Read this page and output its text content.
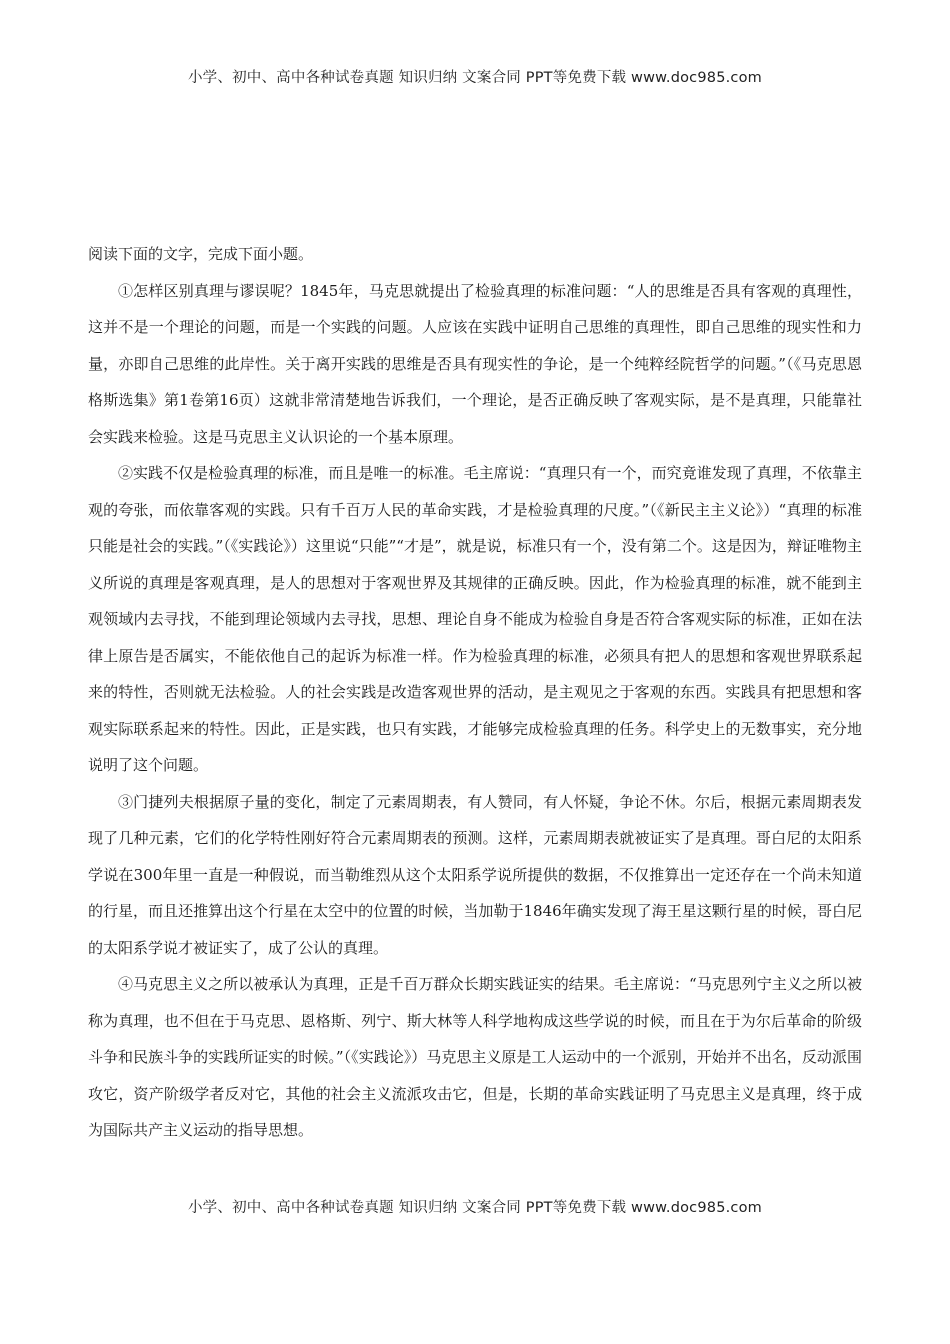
小学、初中、高中各种试卷真题 知识归纳 文案合同 PPT等免费下载 www.doc985.com

阅读下面的文字，完成下面小题。

①怎样区别真理与谬误呢？1845年，马克思就提出了检验真理的标准问题：“人的思维是否具有客观的真理性，这并不是一个理论的问题，而是一个实践的问题。人应该在实践中证明自己思维的真理性，即自己思维的现实性和力量，亦即自己思维的此岸性。关于离开实践的思维是否具有现实性的争论，是一个纯粹经院哲学的问题。”（《马克思恩格斯选集》第1卷第16页）这就非常清楚地告诉我们，一个理论，是否正确反映了客观实际，是不是真理，只能靠社会实践来检验。这是马克思主义认识论的一个基本原理。

②实践不仅是检验真理的标准，而且是唯一的标准。毛主席说：“真理只有一个，而究竟谁发现了真理，不依靠主观的夸张，而依靠客观的实践。只有千百万人民的革命实践，才是检验真理的尺度。”（《新民主主义论》）“真理的标准只能是社会的实践。”（《实践论》）这里说“只能”“才是”，就是说，标准只有一个，没有第二个。这是因为，辩证唯物主义所说的真理是客观真理，是人的思想对于客观世界及其规律的正确反映。因此，作为检验真理的标准，就不能到主观领域内去寻找，不能到理论领域内去寻找，思想、理论自身不能成为检验自身是否符合客观实际的标准，正如在法律上原告是否属实，不能依他自己的起诉为标准一样。作为检验真理的标准，必须具有把人的思想和客观世界联系起来的特性，否则就无法检验。人的社会实践是改造客观世界的活动，是主观见之于客观的东西。实践具有把思想和客观实际联系起来的特性。因此，正是实践，也只有实践，才能够完成检验真理的任务。科学史上的无数事实，充分地说明了这个问题。

③门捷列夫根据原子量的变化，制定了元素周期表，有人赞同，有人怀疑，争论不休。尔后，根据元素周期表发现了几种元素，它们的化学特性刚好符合元素周期表的预测。这样，元素周期表就被证实了是真理。哥白尼的太阳系学说在300年里一直是一种假说，而当勒维烈从这个太阳系学说所提供的数据，不仅推算出一定还存在一个尚未知道的行星，而且还推算出这个行星在太空中的位置的时候，当加勒于1846年确实发现了海王星这颗行星的时候，哥白尼的太阳系学说才被证实了，成了公认的真理。

④马克思主义之所以被承认为真理，正是千百万群众长期实践证实的结果。毛主席说：“马克思列宁主义之所以被称为真理，也不但在于马克思、恩格斯、列宁、斯大林等人科学地构成这些学说的时候，而且在于为尔后革命的阶级斗争和民族斗争的实践所证实的时候。”（《实践论》）马克思主义原是工人运动中的一个派别，开始并不出名，反动派围攻它，资产阶级学者反对它，其他的社会主义流派攻击它，但是，长期的革命实践证明了马克思主义是真理，终于成为国际共产主义运动的指导思想。

小学、初中、高中各种试卷真题 知识归纳 文案合同 PPT等免费下载 www.doc985.com
